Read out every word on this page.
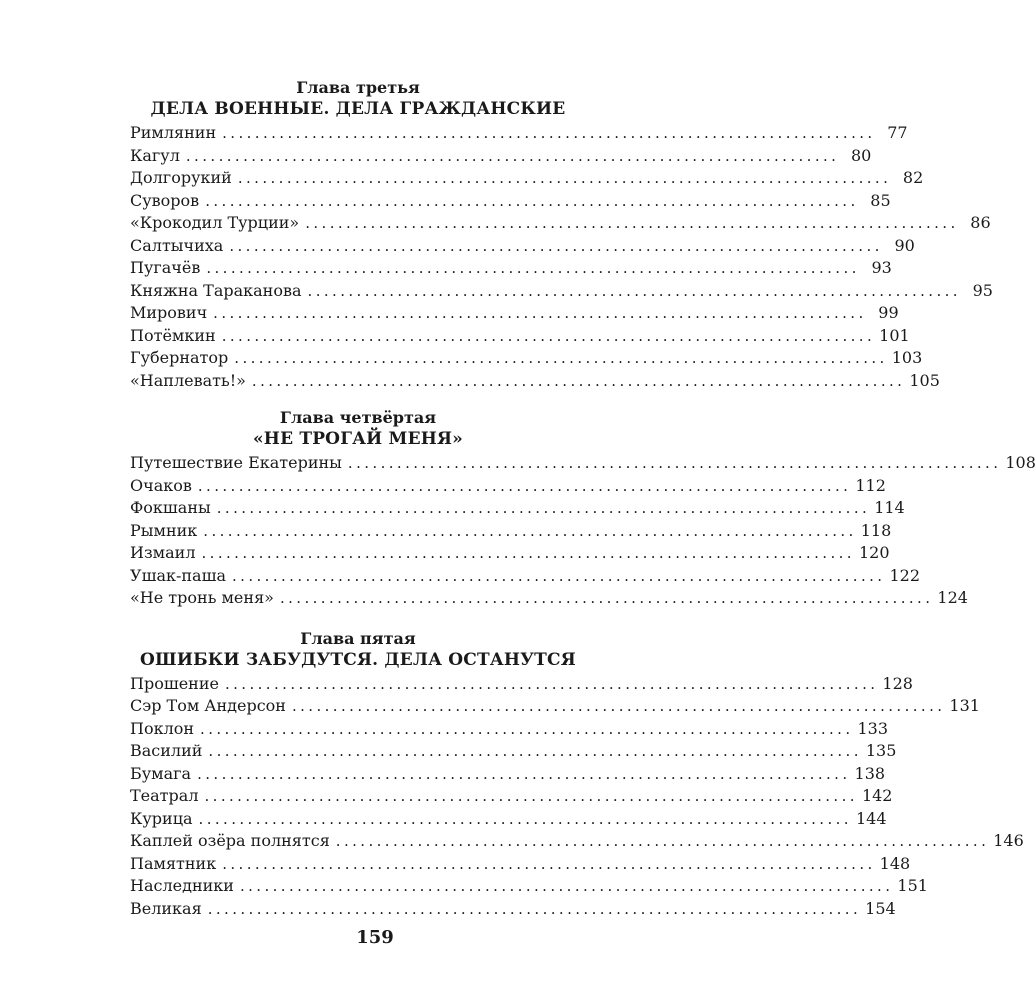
Глава третья
ДЕЛА ВОЕННЫЕ. ДЕЛА ГРАЖДАНСКИЕ
Римлянин ................................................................................ 77
Кагул ................................................................................ 80
Долгорукий ................................................................................ 82
Суворов ................................................................................ 85
«Крокодил Турции» ................................................................................ 86
Салтычиха ................................................................................ 90
Пугачёв ................................................................................ 93
Княжна Тараканова ................................................................................ 95
Мирович ................................................................................ 99
Потёмкин ................................................................................ 101
Губернатор ................................................................................ 103
«Наплевать!» ................................................................................ 105
Глава четвёртая
«НЕ ТРОГАЙ МЕНЯ»
Путешествие Екатерины ................................................................................ 108
Очаков ................................................................................ 112
Фокшаны ................................................................................ 114
Рымник ................................................................................ 118
Измаил ................................................................................ 120
Ушак-паша ................................................................................ 122
«Не тронь меня» ................................................................................ 124
Глава пятая
ОШИБКИ ЗАБУДУТСЯ. ДЕЛА ОСТАНУТСЯ
Прошение ................................................................................ 128
Сэр Том Андерсон ................................................................................ 131
Поклон ................................................................................ 133
Василий ................................................................................ 135
Бумага ................................................................................ 138
Театрал ................................................................................ 142
Курица ................................................................................ 144
Каплей озёра полнятся ................................................................................ 146
Памятник ................................................................................ 148
Наследники ................................................................................ 151
Великая ................................................................................ 154
159
